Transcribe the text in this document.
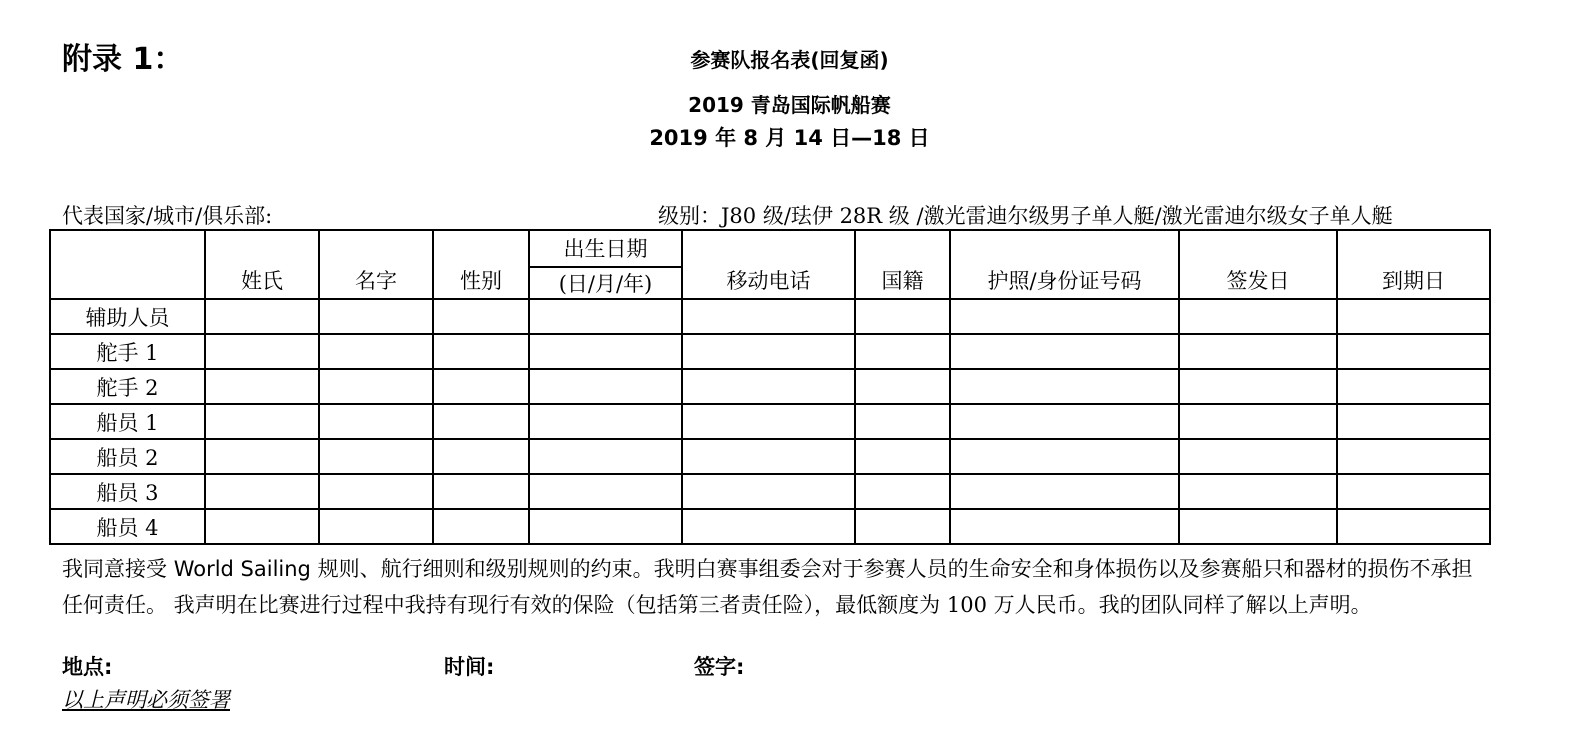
附录 1：	参赛队报名表(回复函)
2019 青岛国际帆船赛
2019 年 8 月 14 日—18 日
代表国家/城市/俱乐部:	级别：J80 级/珐伊 28R 级 /激光雷迪尔级男子单人艇/激光雷迪尔级女子单人艇
	姓氏	名字	性别	出生日期	移动电话	国籍	护照/身份证号码	签发日	到期日
				(日/月/年)					
辅助人员									
舵手 1									
舵手 2									
船员 1									
船员 2									
船员 3									
船员 4									
我同意接受 World Sailing 规则、航行细则和级别规则的约束。我明白赛事组委会对于参赛人员的生命安全和身体损伤以及参赛船只和器材的损伤不承担任何责任。 我声明在比赛进行过程中我持有现行有效的保险（包括第三者责任险），最低额度为 100 万人民币。我的团队同样了解以上声明。
地点:	时间:	签字:
以上声明必须签署
